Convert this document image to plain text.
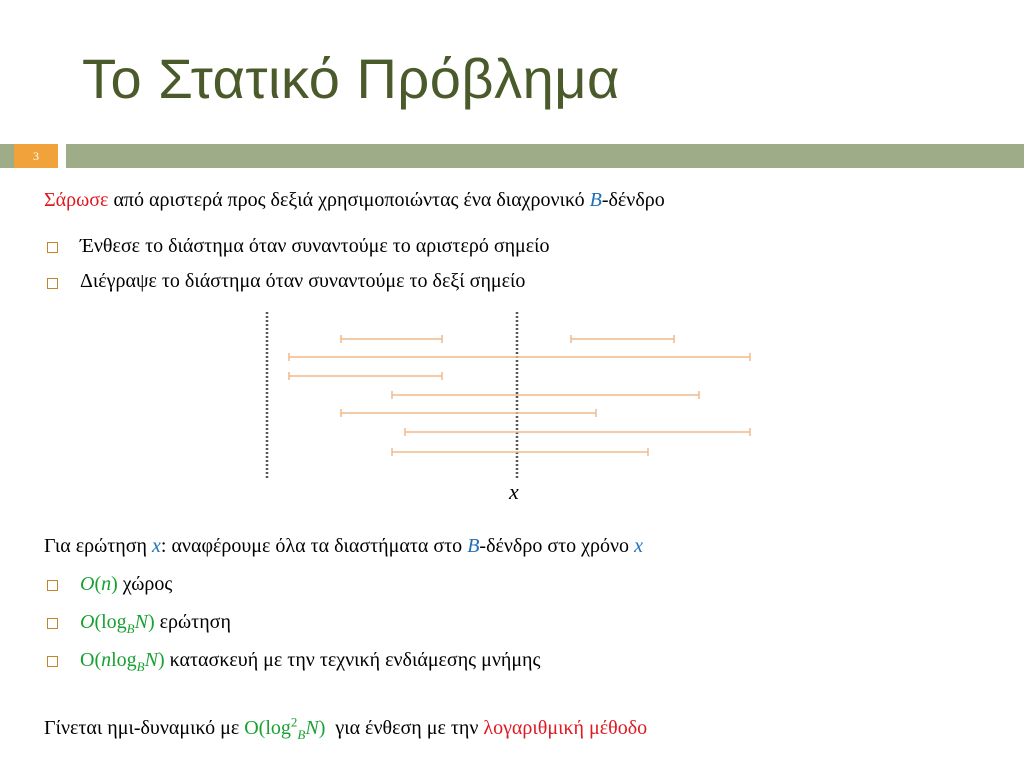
Το Στατικό Πρόβλημα
3

Σάρωσε από αριστερά προς δεξιά χρησιμοποιώντας ένα διαχρονικό B-δένδρο

Ένθεσε το διάστημα όταν συναντούμε το αριστερό σημείο

Διέγραψε το διάστημα όταν συναντούμε το δεξί σημείο

x

Για ερώτηση x: αναφέρουμε όλα τα διαστήματα στο B-δένδρο στο χρόνο x

O(n) χώρος

$O(\log_BN)$ ερώτηση

O(nlog$_B$N) κατασκευή με την τεχνική ενδιάμεσης μνήμης

Γίνεται ημι-δυναμικό με $O(\log^2_BN)$  για ένθεση με την λογαριθμική μέθοδο
